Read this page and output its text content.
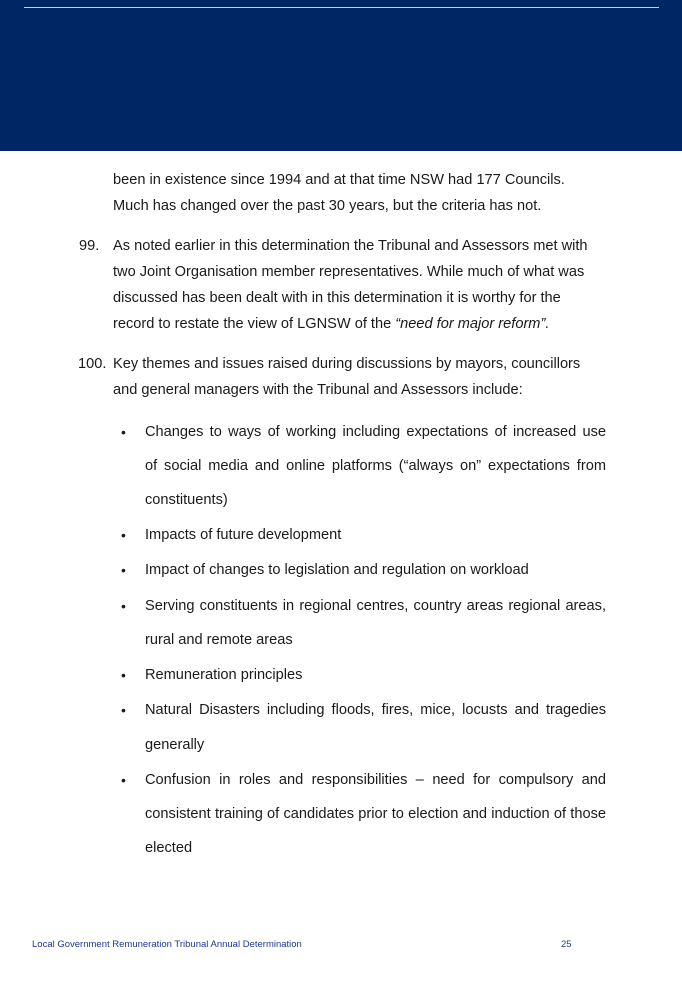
been in existence since 1994 and at that time NSW had 177 Councils.
Much has changed over the past 30 years, but the criteria has not.
99. As noted earlier in this determination the Tribunal and Assessors met with
two Joint Organisation member representatives. While much of what was
discussed has been dealt with in this determination it is worthy for the
record to restate the view of LGNSW of the “need for major reform”.
100. Key themes and issues raised during discussions by mayors, councillors
and general managers with the Tribunal and Assessors include:
• Changes to ways of working including expectations of increased use
of social media and online platforms (“always on” expectations from
constituents)
• Impacts of future development
• Impact of changes to legislation and regulation on workload
• Serving constituents in regional centres, country areas regional areas,
rural and remote areas
• Remuneration principles
• Natural Disasters including floods, fires, mice, locusts and tragedies
generally
• Confusion in roles and responsibilities – need for compulsory and
consistent training of candidates prior to election and induction of those
elected
Local Government Remuneration Tribunal Annual Determination	25
